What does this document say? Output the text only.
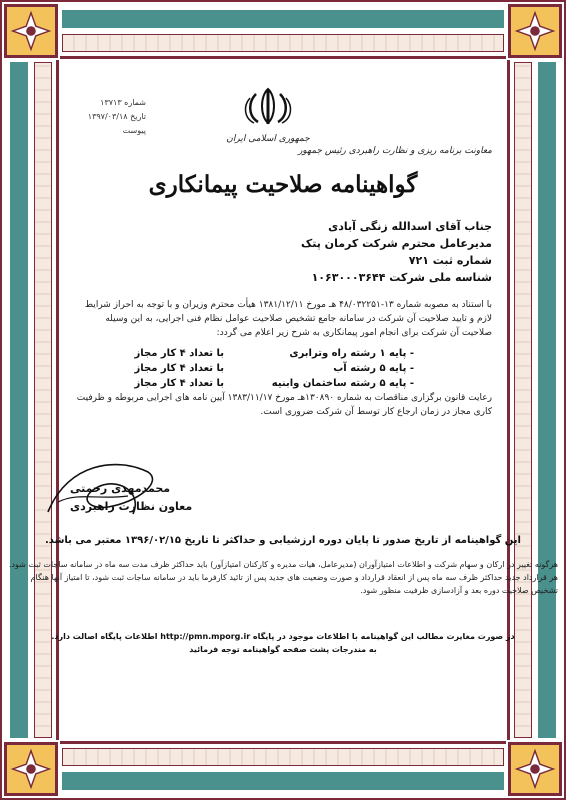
شماره ۱۳۷۱۳
تاریخ ۱۳۹۷/۰۳/۱۸
پیوست
جمهوری اسلامی ایران
معاونت برنامه ریزی و نظارت راهبردی رئیس جمهور
گواهینامه صلاحیت پیمانکاری
جناب آقای اسدالله زنگی آبادی
مدیرعامل محترم شرکت کرمان پتک
شماره ثبت ۷۲۱
شناسه ملی شرکت ۱۰۶۳۰۰۰۳۶۴۴
با استناد به مصوبه شماره ۱۳-۴۸/۰۳۲۲۵۱ هـ مورخ ۱۳۸۱/۱۲/۱۱ هیأت محترم وزیران و با توجه به احراز شرایط لازم و تایید صلاحیت آن شرکت در سامانه جامع تشخیص صلاحیت عوامل نظام فنی اجرایی، به این وسیله صلاحیت آن شرکت برای انجام امور پیمانکاری به شرح زیر اعلام می گردد:
- پایه ۱ رشته راه وترابری
با تعداد ۴ کار مجاز
- پایه ۵ رشته آب
با تعداد ۴ کار مجاز
- پایه ۵ رشته ساختمان وابنیه
با تعداد ۴ کار مجاز
رعایت قانون برگزاری مناقصات به شماره ۱۳۰۸۹۰هـ مورخ ۱۳۸۳/۱۱/۱۷ آیین نامه های اجرایی مربوطه و ظرفیت کاری مجاز در زمان ارجاع کار توسط آن شرکت ضروری است.
محمدمهدی رحمتی
معاون نظارت راهبردی
این گواهینامه از تاریخ صدور تا پایان دوره ارزشیابی و حداکثر تا تاریخ ۱۳۹۶/۰۲/۱۵ معتبر می باشد.
هرگونه تغییر در ارکان و سهام شرکت و اطلاعات امتیازآوران (مدیرعامل، هیات مدیره و کارکنان امتیازآور) باید حداکثر ظرف مدت سه ماه در سامانه ساجات ثبت شود.
هر قرارداد جدید حداکثر ظرف سه ماه پس از انعقاد قرارداد و صورت وضعیت های جدید پس از تائید کارفرما باید در سامانه ساجات ثبت شود، تا امتیاز آنها هنگام تشخیص صلاحیت دوره بعد و آزادسازی ظرفیت منظور شود.
در صورت مغایرت مطالب این گواهینامه با اطلاعات موجود در پایگاه http://pmn.mporg.ir اطلاعات پایگاه اصالت دارد.
به مندرجات پشت صفحه گواهینامه توجه فرمائید
